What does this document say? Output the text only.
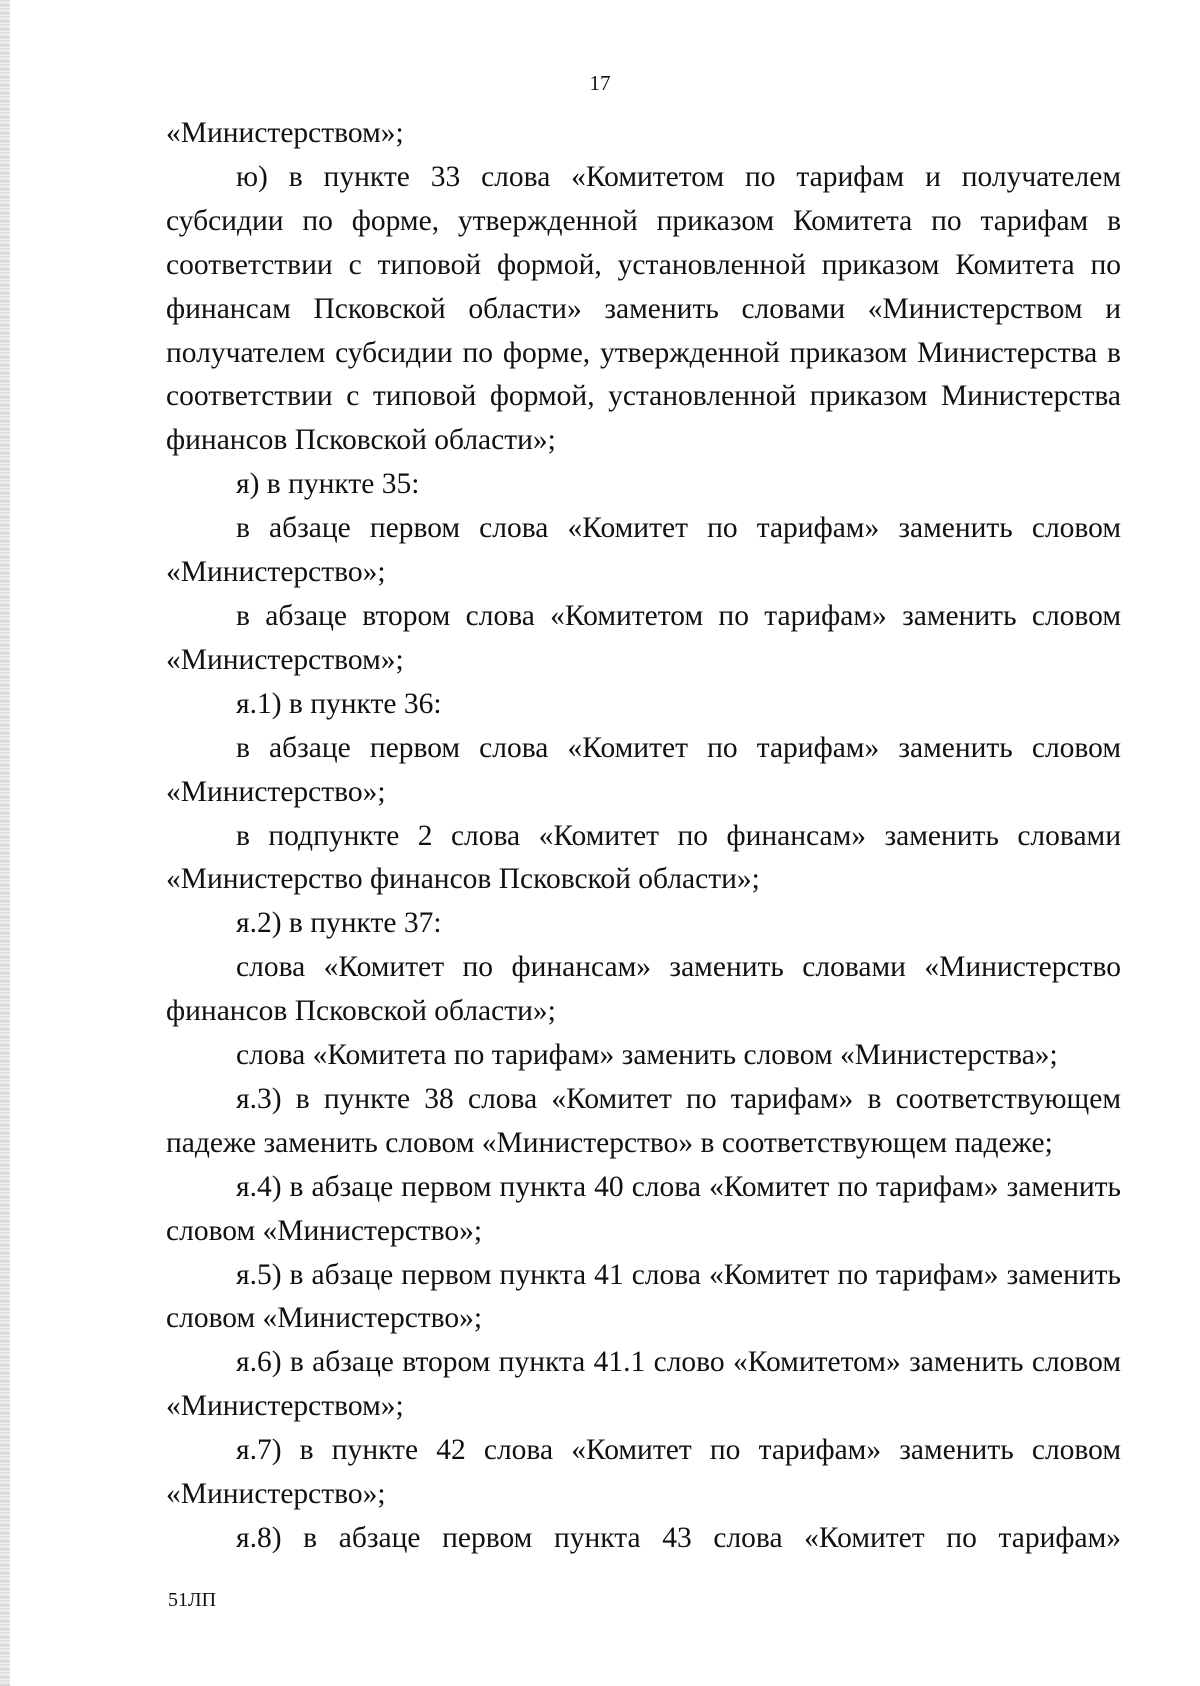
17

«Министерством»;

ю) в пункте 33 слова «Комитетом по тарифам и получателем субсидии по форме, утвержденной приказом Комитета по тарифам в соответствии с типовой формой, установленной приказом Комитета по финансам Псковской области» заменить словами «Министерством и получателем субсидии по форме, утвержденной приказом Министерства в соответствии с типовой формой, установленной приказом Министерства финансов Псковской области»;

я) в пункте 35:

в абзаце первом слова «Комитет по тарифам» заменить словом «Министерство»;

в абзаце втором слова «Комитетом по тарифам» заменить словом «Министерством»;

я.1) в пункте 36:

в абзаце первом слова «Комитет по тарифам» заменить словом «Министерство»;

в подпункте 2 слова «Комитет по финансам» заменить словами «Министерство финансов Псковской области»;

я.2) в пункте 37:

слова «Комитет по финансам» заменить словами «Министерство финансов Псковской области»;

слова «Комитета по тарифам» заменить словом «Министерства»;

я.3) в пункте 38 слова «Комитет по тарифам» в соответствующем падеже заменить словом «Министерство» в соответствующем падеже;

я.4) в абзаце первом пункта 40 слова «Комитет по тарифам» заменить словом «Министерство»;

я.5) в абзаце первом пункта 41 слова «Комитет по тарифам» заменить словом «Министерство»;

я.6) в абзаце втором пункта 41.1 слово «Комитетом» заменить словом «Министерством»;

я.7) в пункте 42 слова «Комитет по тарифам» заменить словом «Министерство»;

я.8) в абзаце первом пункта 43 слова «Комитет по тарифам»

51ЛП
